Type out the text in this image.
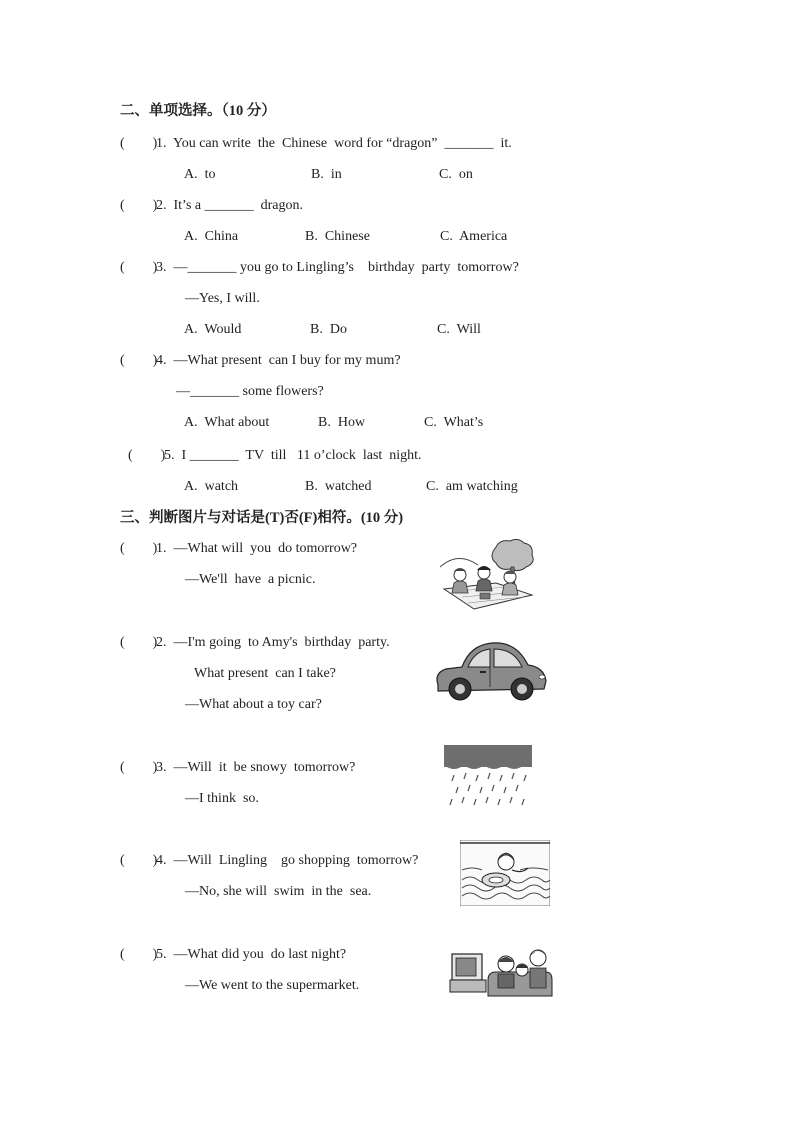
二、单项选择。（10 分）
(        )
1.  You can write  the  Chinese  word for “dragon”  _______  it.
A.  to	B.  in	C.  on
(        )
2.  It’s a _______  dragon.
A.  China	B.  Chinese	C.  America
(        )
3.  —_______ you go to Lingling’s    birthday  party  tomorrow?
—Yes, I will.
A.  Would	B.  Do	C.  Will
(        )
4.  —What present  can I buy for my mum?
—_______ some flowers?
A.  What about	B.  How	C.  What’s
(        )
5.  I _______  TV  till   11 o’clock  last  night.
A.  watch	B.  watched	C.  am watching
三、判断图片与对话是(T)否(F)相符。(10 分)
(        )
1.  —What will  you  do tomorrow?
—We'll  have  a picnic.
(        )
2.  —I'm going  to Amy's  birthday  party.
What present  can I take?
—What about a toy car?
(        )
3.  —Will  it  be snowy  tomorrow?
—I think  so.
(        )
4.  —Will  Lingling    go shopping  tomorrow?
—No, she will  swim  in the  sea.
(        )
5.  —What did you  do last night?
—We went to the supermarket.
